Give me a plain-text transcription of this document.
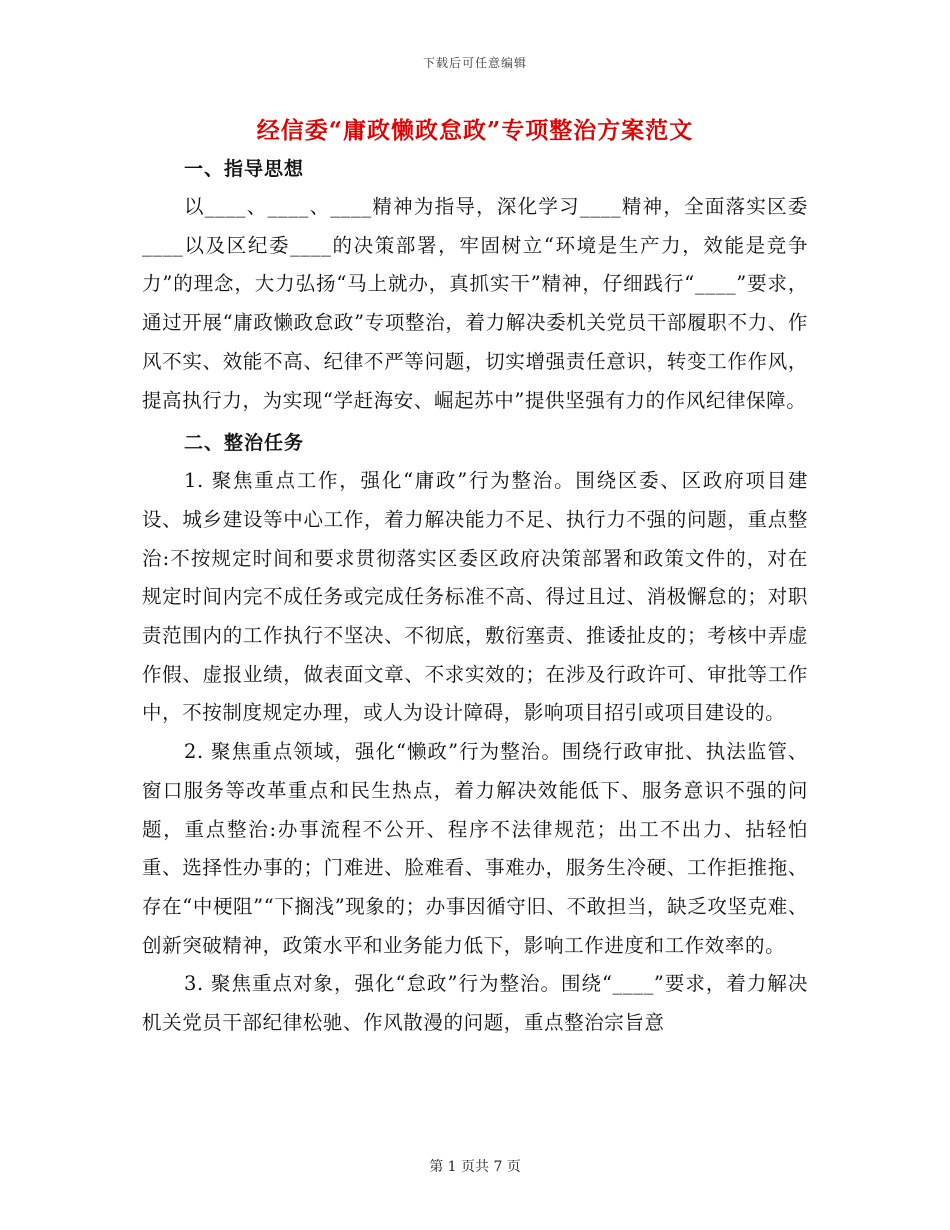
下载后可任意编辑
经信委“庸政懒政怠政”专项整治方案范文

一、指导思想

以____、____、____精神为指导，深化学习____精神，全面落实区委____以及区纪委____的决策部署，牢固树立“环境是生产力，效能是竞争力”的理念，大力弘扬“马上就办，真抓实干”精神，仔细践行“____”要求，通过开展“庸政懒政怠政”专项整治，着力解决委机关党员干部履职不力、作风不实、效能不高、纪律不严等问题，切实增强责任意识，转变工作作风，提高执行力，为实现“学赶海安、崛起苏中”提供坚强有力的作风纪律保障。

二、整治任务

1. 聚焦重点工作，强化“庸政”行为整治。围绕区委、区政府项目建设、城乡建设等中心工作，着力解决能力不足、执行力不强的问题，重点整治:不按规定时间和要求贯彻落实区委区政府决策部署和政策文件的，对在规定时间内完不成任务或完成任务标准不高、得过且过、消极懈怠的；对职责范围内的工作执行不坚决、不彻底，敷衍塞责、推诿扯皮的；考核中弄虚作假、虚报业绩，做表面文章、不求实效的；在涉及行政许可、审批等工作中，不按制度规定办理，或人为设计障碍，影响项目招引或项目建设的。

2. 聚焦重点领域，强化“懒政”行为整治。围绕行政审批、执法监管、窗口服务等改革重点和民生热点，着力解决效能低下、服务意识不强的问题，重点整治:办事流程不公开、程序不法律规范；出工不出力、拈轻怕重、选择性办事的；门难进、脸难看、事难办，服务生冷硬、工作拒推拖、存在“中梗阻”“下搁浅”现象的；办事因循守旧、不敢担当，缺乏攻坚克难、创新突破精神，政策水平和业务能力低下，影响工作进度和工作效率的。

3. 聚焦重点对象，强化“怠政”行为整治。围绕“____”要求，着力解决机关党员干部纪律松驰、作风散漫的问题，重点整治宗旨意

第 1 页共 7 页
